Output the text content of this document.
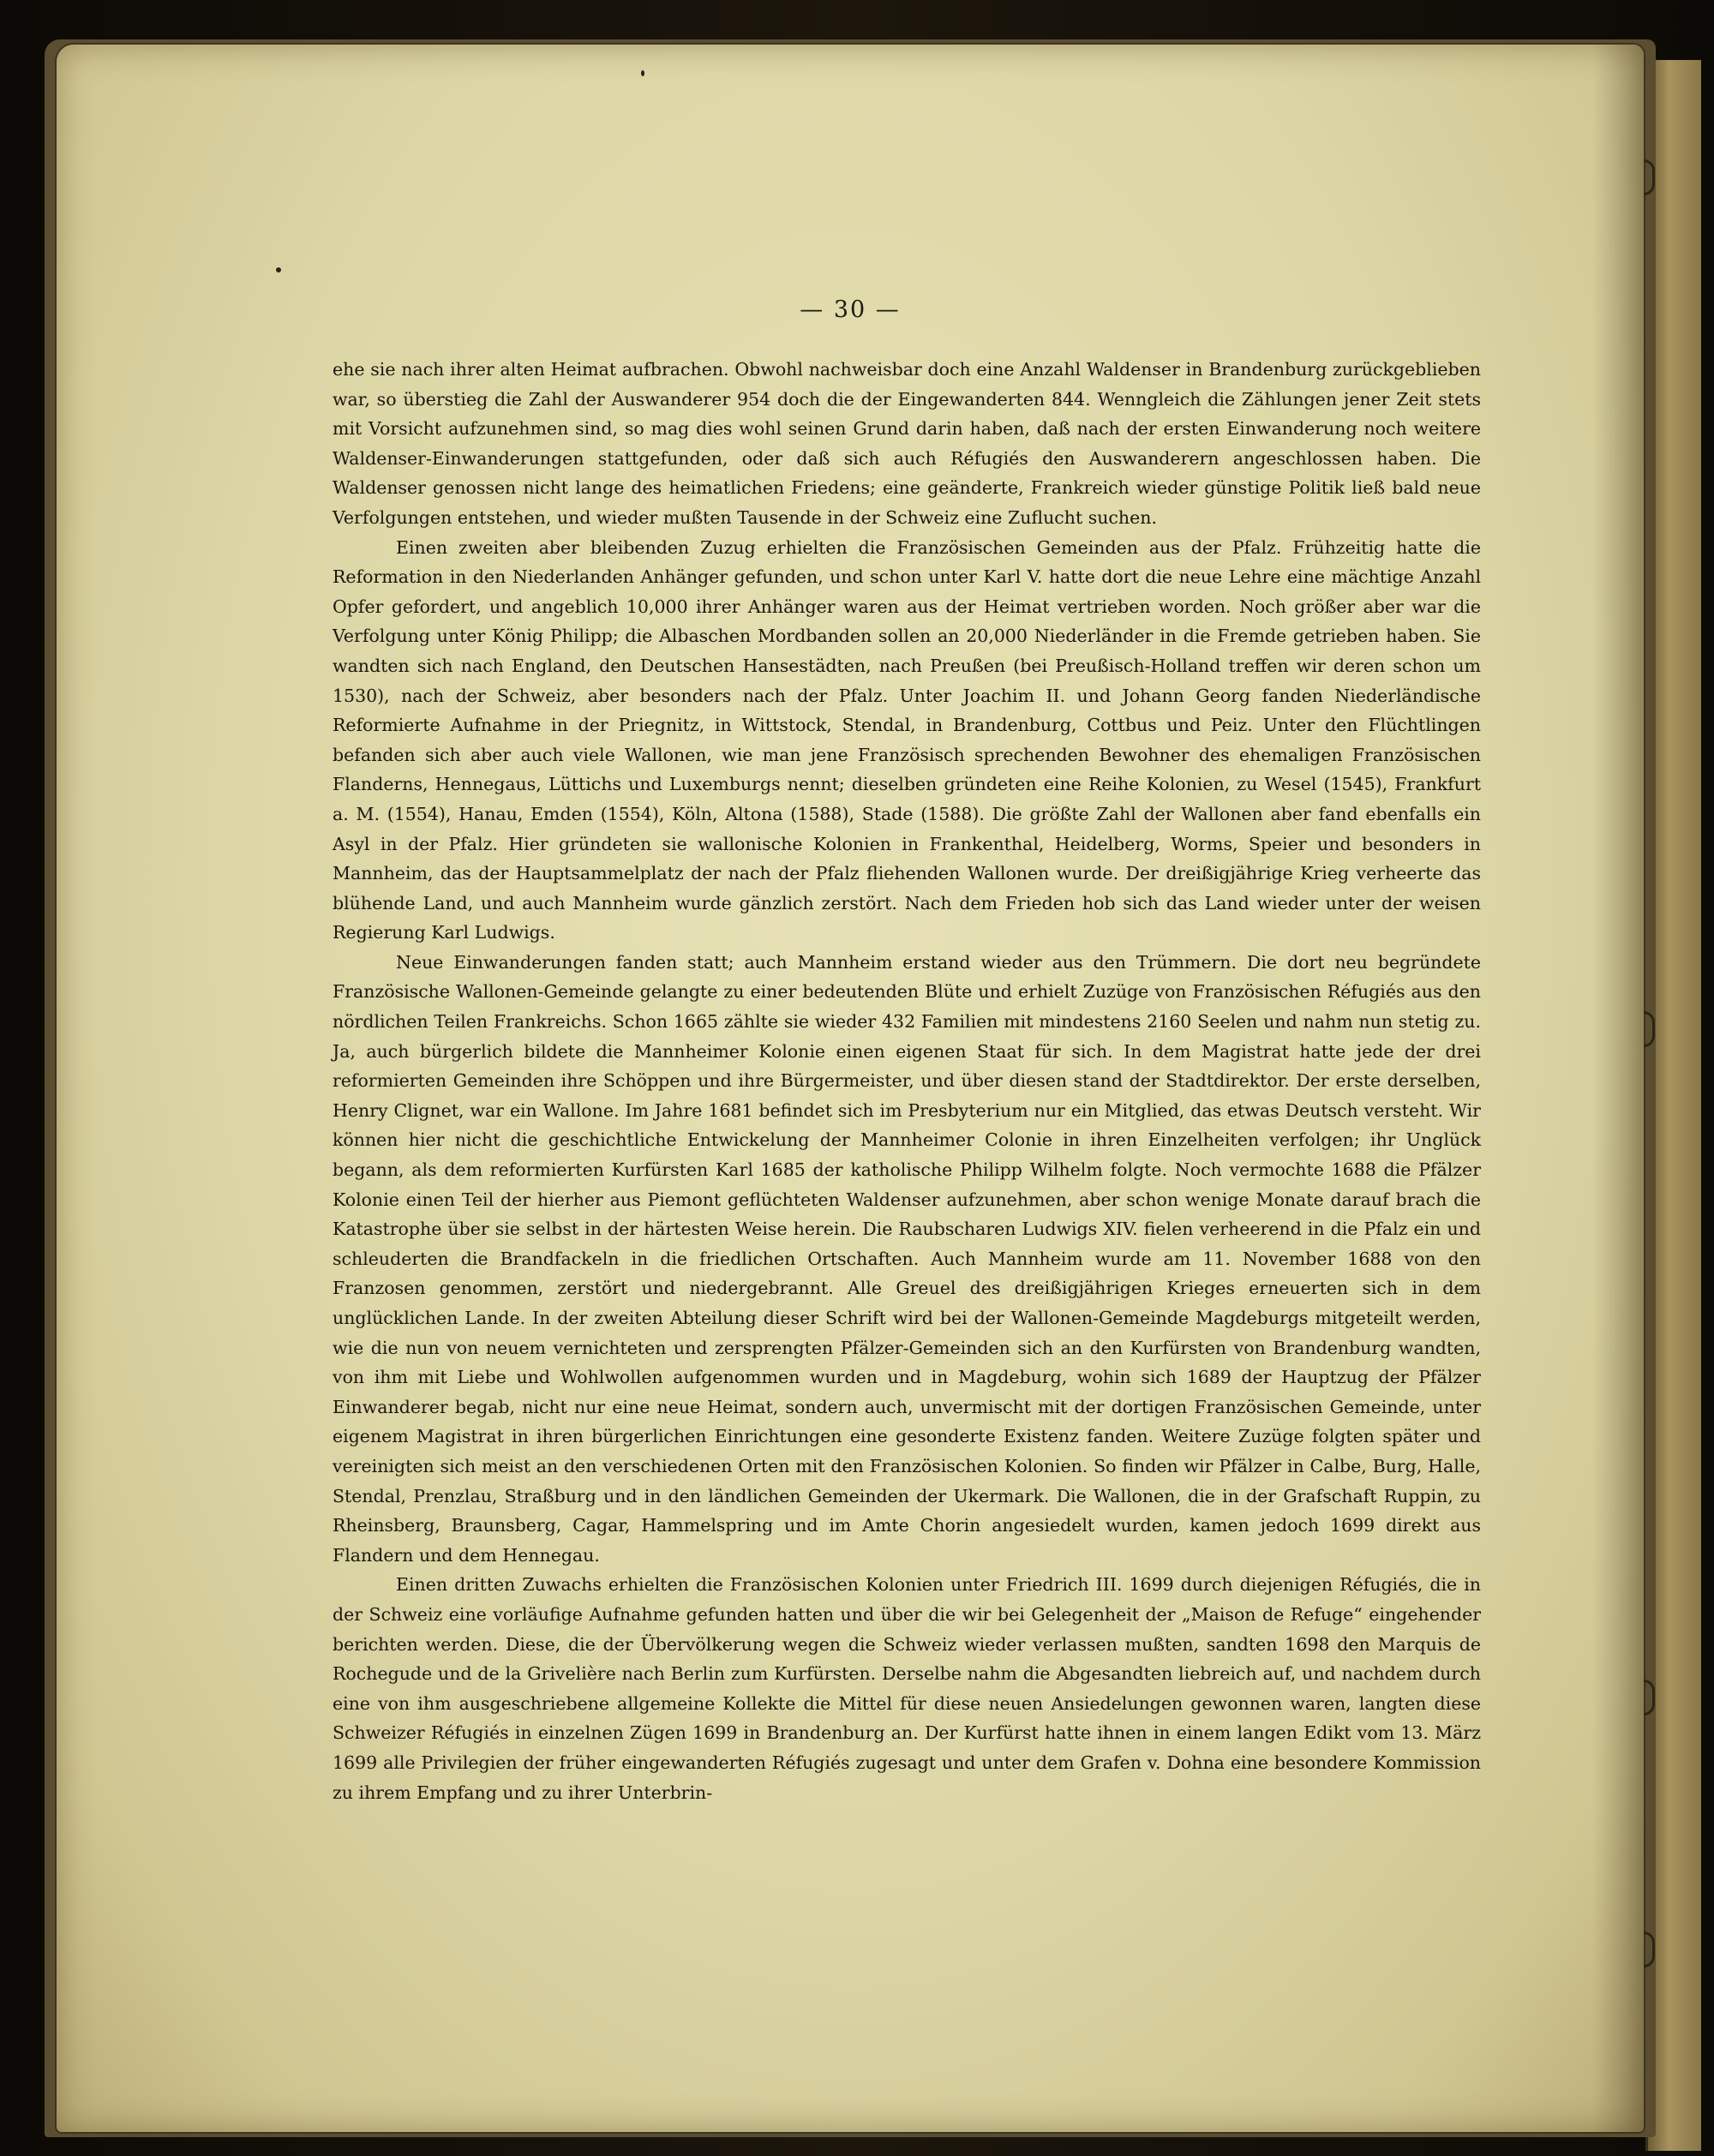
— 30 —

ehe sie nach ihrer alten Heimat aufbrachen. Obwohl nachweisbar doch eine Anzahl Waldenser in Brandenburg zurückgeblieben war, so überstieg die Zahl der Auswanderer 954 doch die der Eingewanderten 844. Wenngleich die Zählungen jener Zeit stets mit Vorsicht aufzunehmen sind, so mag dies wohl seinen Grund darin haben, daß nach der ersten Einwanderung noch weitere Waldenser-Einwanderungen stattgefunden, oder daß sich auch Réfugiés den Auswanderern angeschlossen haben. Die Waldenser genossen nicht lange des heimatlichen Friedens; eine geänderte, Frankreich wieder günstige Politik ließ bald neue Verfolgungen entstehen, und wieder mußten Tausende in der Schweiz eine Zuflucht suchen.

Einen zweiten aber bleibenden Zuzug erhielten die Französischen Gemeinden aus der Pfalz. Frühzeitig hatte die Reformation in den Niederlanden Anhänger gefunden, und schon unter Karl V. hatte dort die neue Lehre eine mächtige Anzahl Opfer gefordert, und angeblich 10,000 ihrer Anhänger waren aus der Heimat vertrieben worden. Noch größer aber war die Verfolgung unter König Philipp; die Albaschen Mordbanden sollen an 20,000 Niederländer in die Fremde getrieben haben. Sie wandten sich nach England, den Deutschen Hansestädten, nach Preußen (bei Preußisch-Holland treffen wir deren schon um 1530), nach der Schweiz, aber besonders nach der Pfalz. Unter Joachim II. und Johann Georg fanden Niederländische Reformierte Aufnahme in der Priegnitz, in Wittstock, Stendal, in Brandenburg, Cottbus und Peiz. Unter den Flüchtlingen befanden sich aber auch viele Wallonen, wie man jene Französisch sprechenden Bewohner des ehemaligen Französischen Flanderns, Hennegaus, Lüttichs und Luxemburgs nennt; dieselben gründeten eine Reihe Kolonien, zu Wesel (1545), Frankfurt a. M. (1554), Hanau, Emden (1554), Köln, Altona (1588), Stade (1588). Die größte Zahl der Wallonen aber fand ebenfalls ein Asyl in der Pfalz. Hier gründeten sie wallonische Kolonien in Frankenthal, Heidelberg, Worms, Speier und besonders in Mannheim, das der Hauptsammelplatz der nach der Pfalz fliehenden Wallonen wurde. Der dreißigjährige Krieg verheerte das blühende Land, und auch Mannheim wurde gänzlich zerstört. Nach dem Frieden hob sich das Land wieder unter der weisen Regierung Karl Ludwigs.

Neue Einwanderungen fanden statt; auch Mannheim erstand wieder aus den Trümmern. Die dort neu begründete Französische Wallonen-Gemeinde gelangte zu einer bedeutenden Blüte und erhielt Zuzüge von Französischen Réfugiés aus den nördlichen Teilen Frankreichs. Schon 1665 zählte sie wieder 432 Familien mit mindestens 2160 Seelen und nahm nun stetig zu. Ja, auch bürgerlich bildete die Mannheimer Kolonie einen eigenen Staat für sich. In dem Magistrat hatte jede der drei reformierten Gemeinden ihre Schöppen und ihre Bürgermeister, und über diesen stand der Stadtdirektor. Der erste derselben, Henry Clignet, war ein Wallone. Im Jahre 1681 befindet sich im Presbyterium nur ein Mitglied, das etwas Deutsch versteht. Wir können hier nicht die geschichtliche Entwickelung der Mannheimer Colonie in ihren Einzelheiten verfolgen; ihr Unglück begann, als dem reformierten Kurfürsten Karl 1685 der katholische Philipp Wilhelm folgte. Noch vermochte 1688 die Pfälzer Kolonie einen Teil der hierher aus Piemont geflüchteten Waldenser aufzunehmen, aber schon wenige Monate darauf brach die Katastrophe über sie selbst in der härtesten Weise herein. Die Raubscharen Ludwigs XIV. fielen verheerend in die Pfalz ein und schleuderten die Brandfackeln in die friedlichen Ortschaften. Auch Mannheim wurde am 11. November 1688 von den Franzosen genommen, zerstört und niedergebrannt. Alle Greuel des dreißigjährigen Krieges erneuerten sich in dem unglücklichen Lande. In der zweiten Abteilung dieser Schrift wird bei der Wallonen-Gemeinde Magdeburgs mitgeteilt werden, wie die nun von neuem vernichteten und zersprengten Pfälzer-Gemeinden sich an den Kurfürsten von Brandenburg wandten, von ihm mit Liebe und Wohlwollen aufgenommen wurden und in Magdeburg, wohin sich 1689 der Hauptzug der Pfälzer Einwanderer begab, nicht nur eine neue Heimat, sondern auch, unvermischt mit der dortigen Französischen Gemeinde, unter eigenem Magistrat in ihren bürgerlichen Einrichtungen eine gesonderte Existenz fanden. Weitere Zuzüge folgten später und vereinigten sich meist an den verschiedenen Orten mit den Französischen Kolonien. So finden wir Pfälzer in Calbe, Burg, Halle, Stendal, Prenzlau, Straßburg und in den ländlichen Gemeinden der Ukermark. Die Wallonen, die in der Grafschaft Ruppin, zu Rheinsberg, Braunsberg, Cagar, Hammelspring und im Amte Chorin angesiedelt wurden, kamen jedoch 1699 direkt aus Flandern und dem Hennegau.

Einen dritten Zuwachs erhielten die Französischen Kolonien unter Friedrich III. 1699 durch diejenigen Réfugiés, die in der Schweiz eine vorläufige Aufnahme gefunden hatten und über die wir bei Gelegenheit der „Maison de Refuge“ eingehender berichten werden. Diese, die der Übervölkerung wegen die Schweiz wieder verlassen mußten, sandten 1698 den Marquis de Rochegude und de la Grivelière nach Berlin zum Kurfürsten. Derselbe nahm die Abgesandten liebreich auf, und nachdem durch eine von ihm ausgeschriebene allgemeine Kollekte die Mittel für diese neuen Ansiedelungen gewonnen waren, langten diese Schweizer Réfugiés in einzelnen Zügen 1699 in Brandenburg an. Der Kurfürst hatte ihnen in einem langen Edikt vom 13. März 1699 alle Privilegien der früher eingewanderten Réfugiés zugesagt und unter dem Grafen v. Dohna eine besondere Kommission zu ihrem Empfang und zu ihrer Unterbrin-
